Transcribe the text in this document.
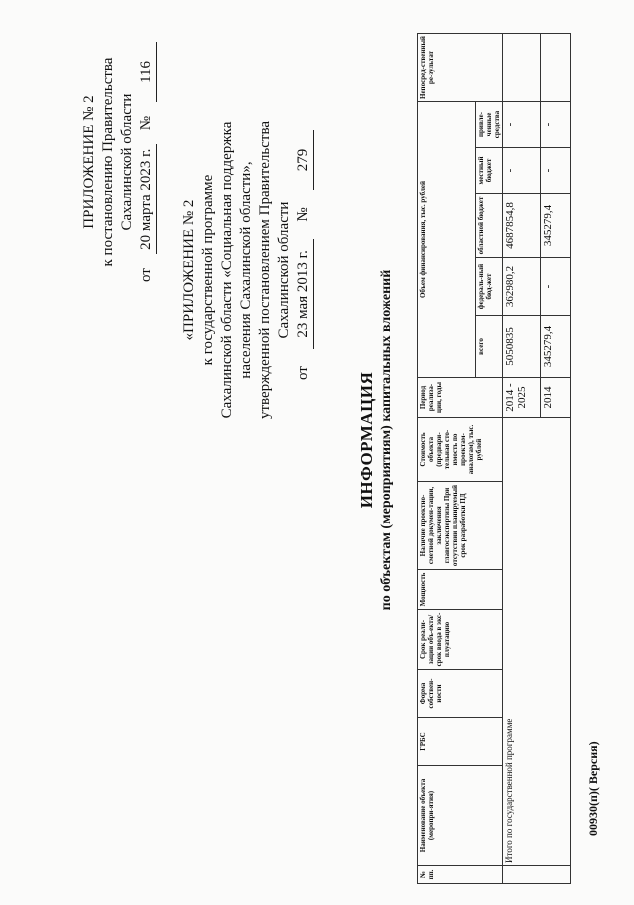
ПРИЛОЖЕНИЕ № 2 к постановлению Правительства Сахалинской области
от
20 марта 2023 г.
№
116
«ПРИЛОЖЕНИЕ № 2 к государственной программе Сахалинской области «Социальная поддержка населения Сахалинской области», утвержденной постановлением Правительства Сахалинской области
от
23 мая 2013 г.
№
279
ИНФОРМАЦИЯ по объектам (мероприятиям) капитальных вложений
№ пп.	Наименование объекта (меропри-ятия)	ГРБС	Форма собствен-ности	Срок реали-зации объ-екта/срок ввода в экс-плуатацию	Мощность	Наличие проектно-сметной докумен-тации, заключения главгосэкспертизы При отсутствии планируемый срок разработки ПД	Стоимость объекта (предвари-тельная сто-имость по проектам-аналогам), тыс. рублей	Период реализа-ции, годы	Объем финансирования, тыс. рублей					Непосред-ственный ре-зультат
									всего	федераль-ный бюд-жет	областной бюджет	местный бюджет	привле-ченные средства	
	Итого по государственной программе							2014 - 2025	5050835	362980,2	4687854,8	-	-	
								2014	345279,4	-	345279,4	-	-	
00930(п)( Версия)
